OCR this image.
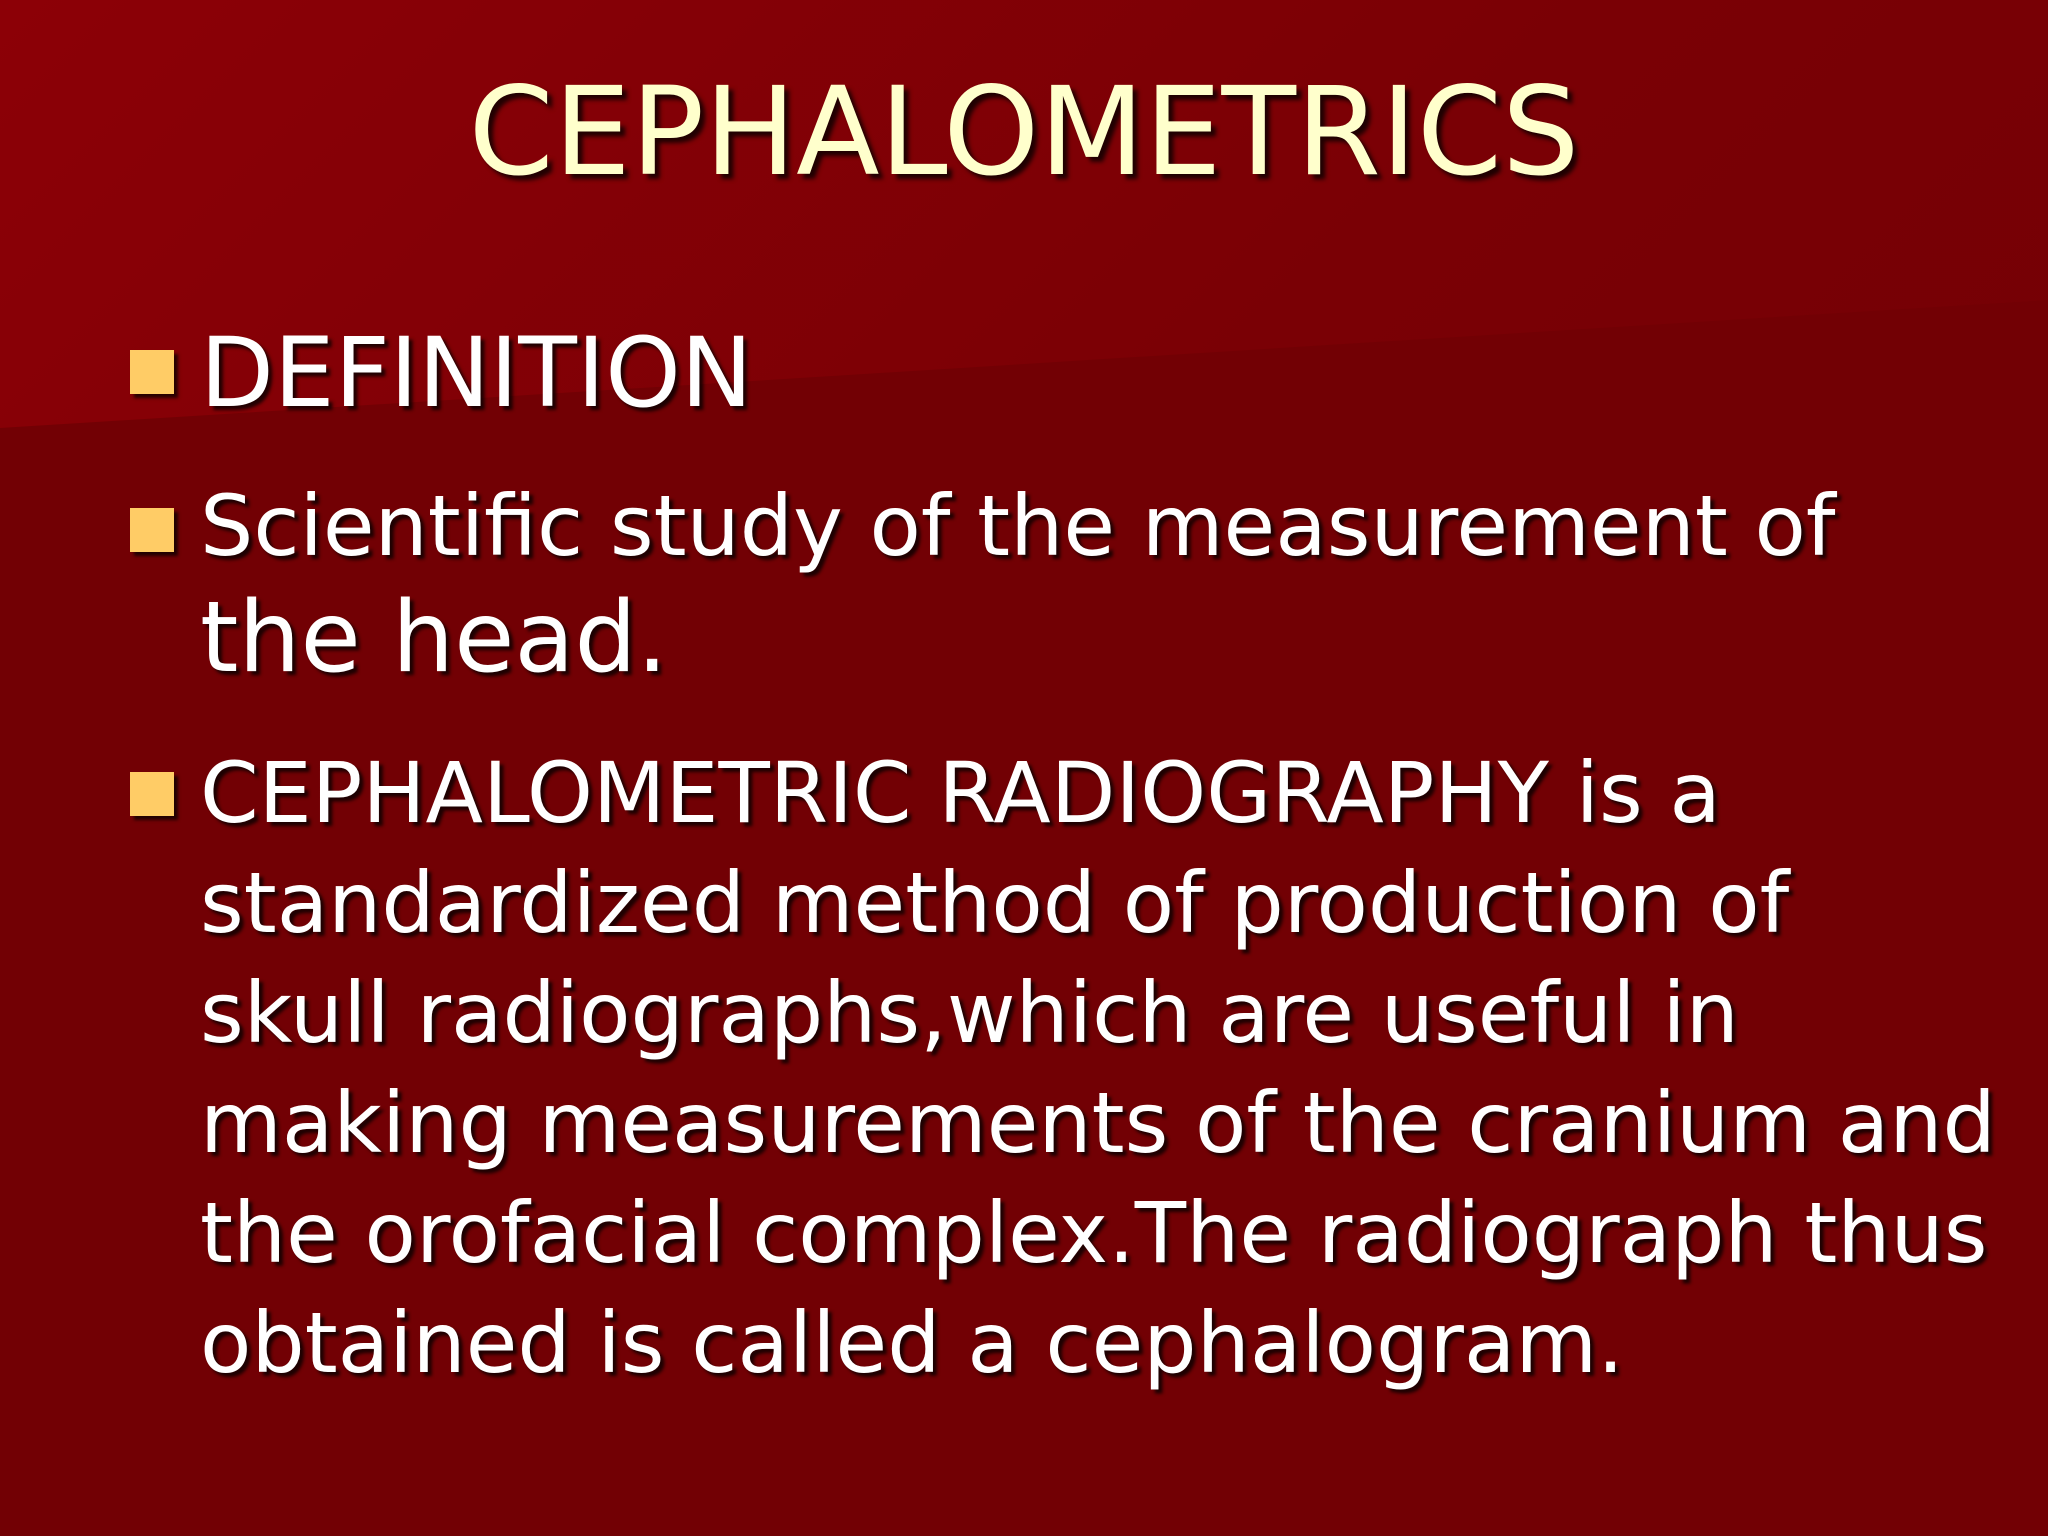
CEPHALOMETRICS
DEFINITION
Scientific study of the measurement of
the head.
CEPHALOMETRIC RADIOGRAPHY is a
standardized method of production of
skull radiographs,which are useful in
making measurements of the cranium and
the orofacial complex.The radiograph thus
obtained is called a cephalogram.
